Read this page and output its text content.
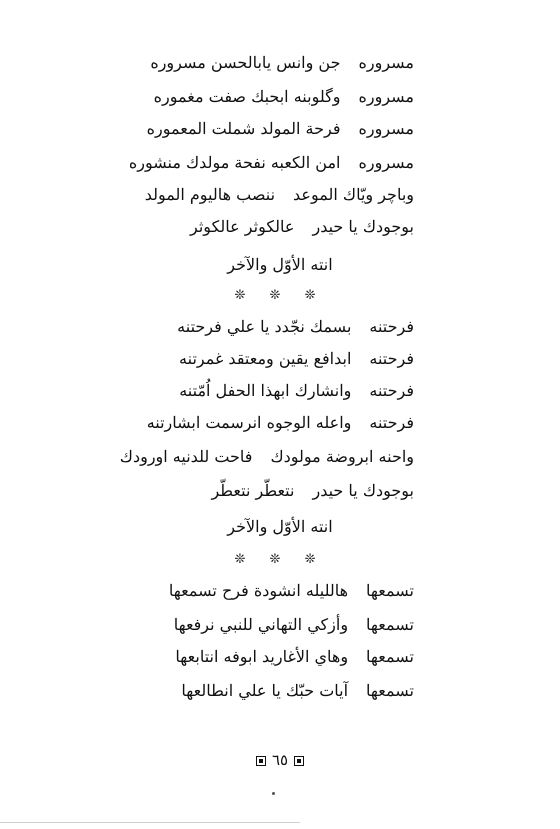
جن وانس يابالحسن مسروره مسروره
وگلوبنه ابحبك صفت مغموره مسروره
فرحة المولد شملت المعموره مسروره
امن الكعبه نفحة مولدك منشوره مسروره
ننصب هاليوم المولد وباچر ويّاك الموعد
عالكوثر عالكوثر بوجودك يا حيدر
انته الأوّل والآخر
❊ ❊ ❊
بسمك نجّدد يا علي فرحتنه فرحتنه
ابدافع يقين ومعتقد غمرتنه فرحتنه
وانشارك ابهذا الحفل اُمّتنه فرحتنه
واعله الوجوه انرسمت ابشارتنه فرحتنه
فاحت للدنيه اورودك واحنه ابروضة مولودك
نتعطّر نتعطّر بوجودك يا حيدر
انته الأوّل والآخر
❊ ❊ ❊
هالليله انشودة فرح تسمعها تسمعها
وأزكي التهاني للنبي نرفعها تسمعها
وهاي الأغاريد ابوفه انتابعها تسمعها
آيات حبّك يا علي انطالعها تسمعها
٦٥
